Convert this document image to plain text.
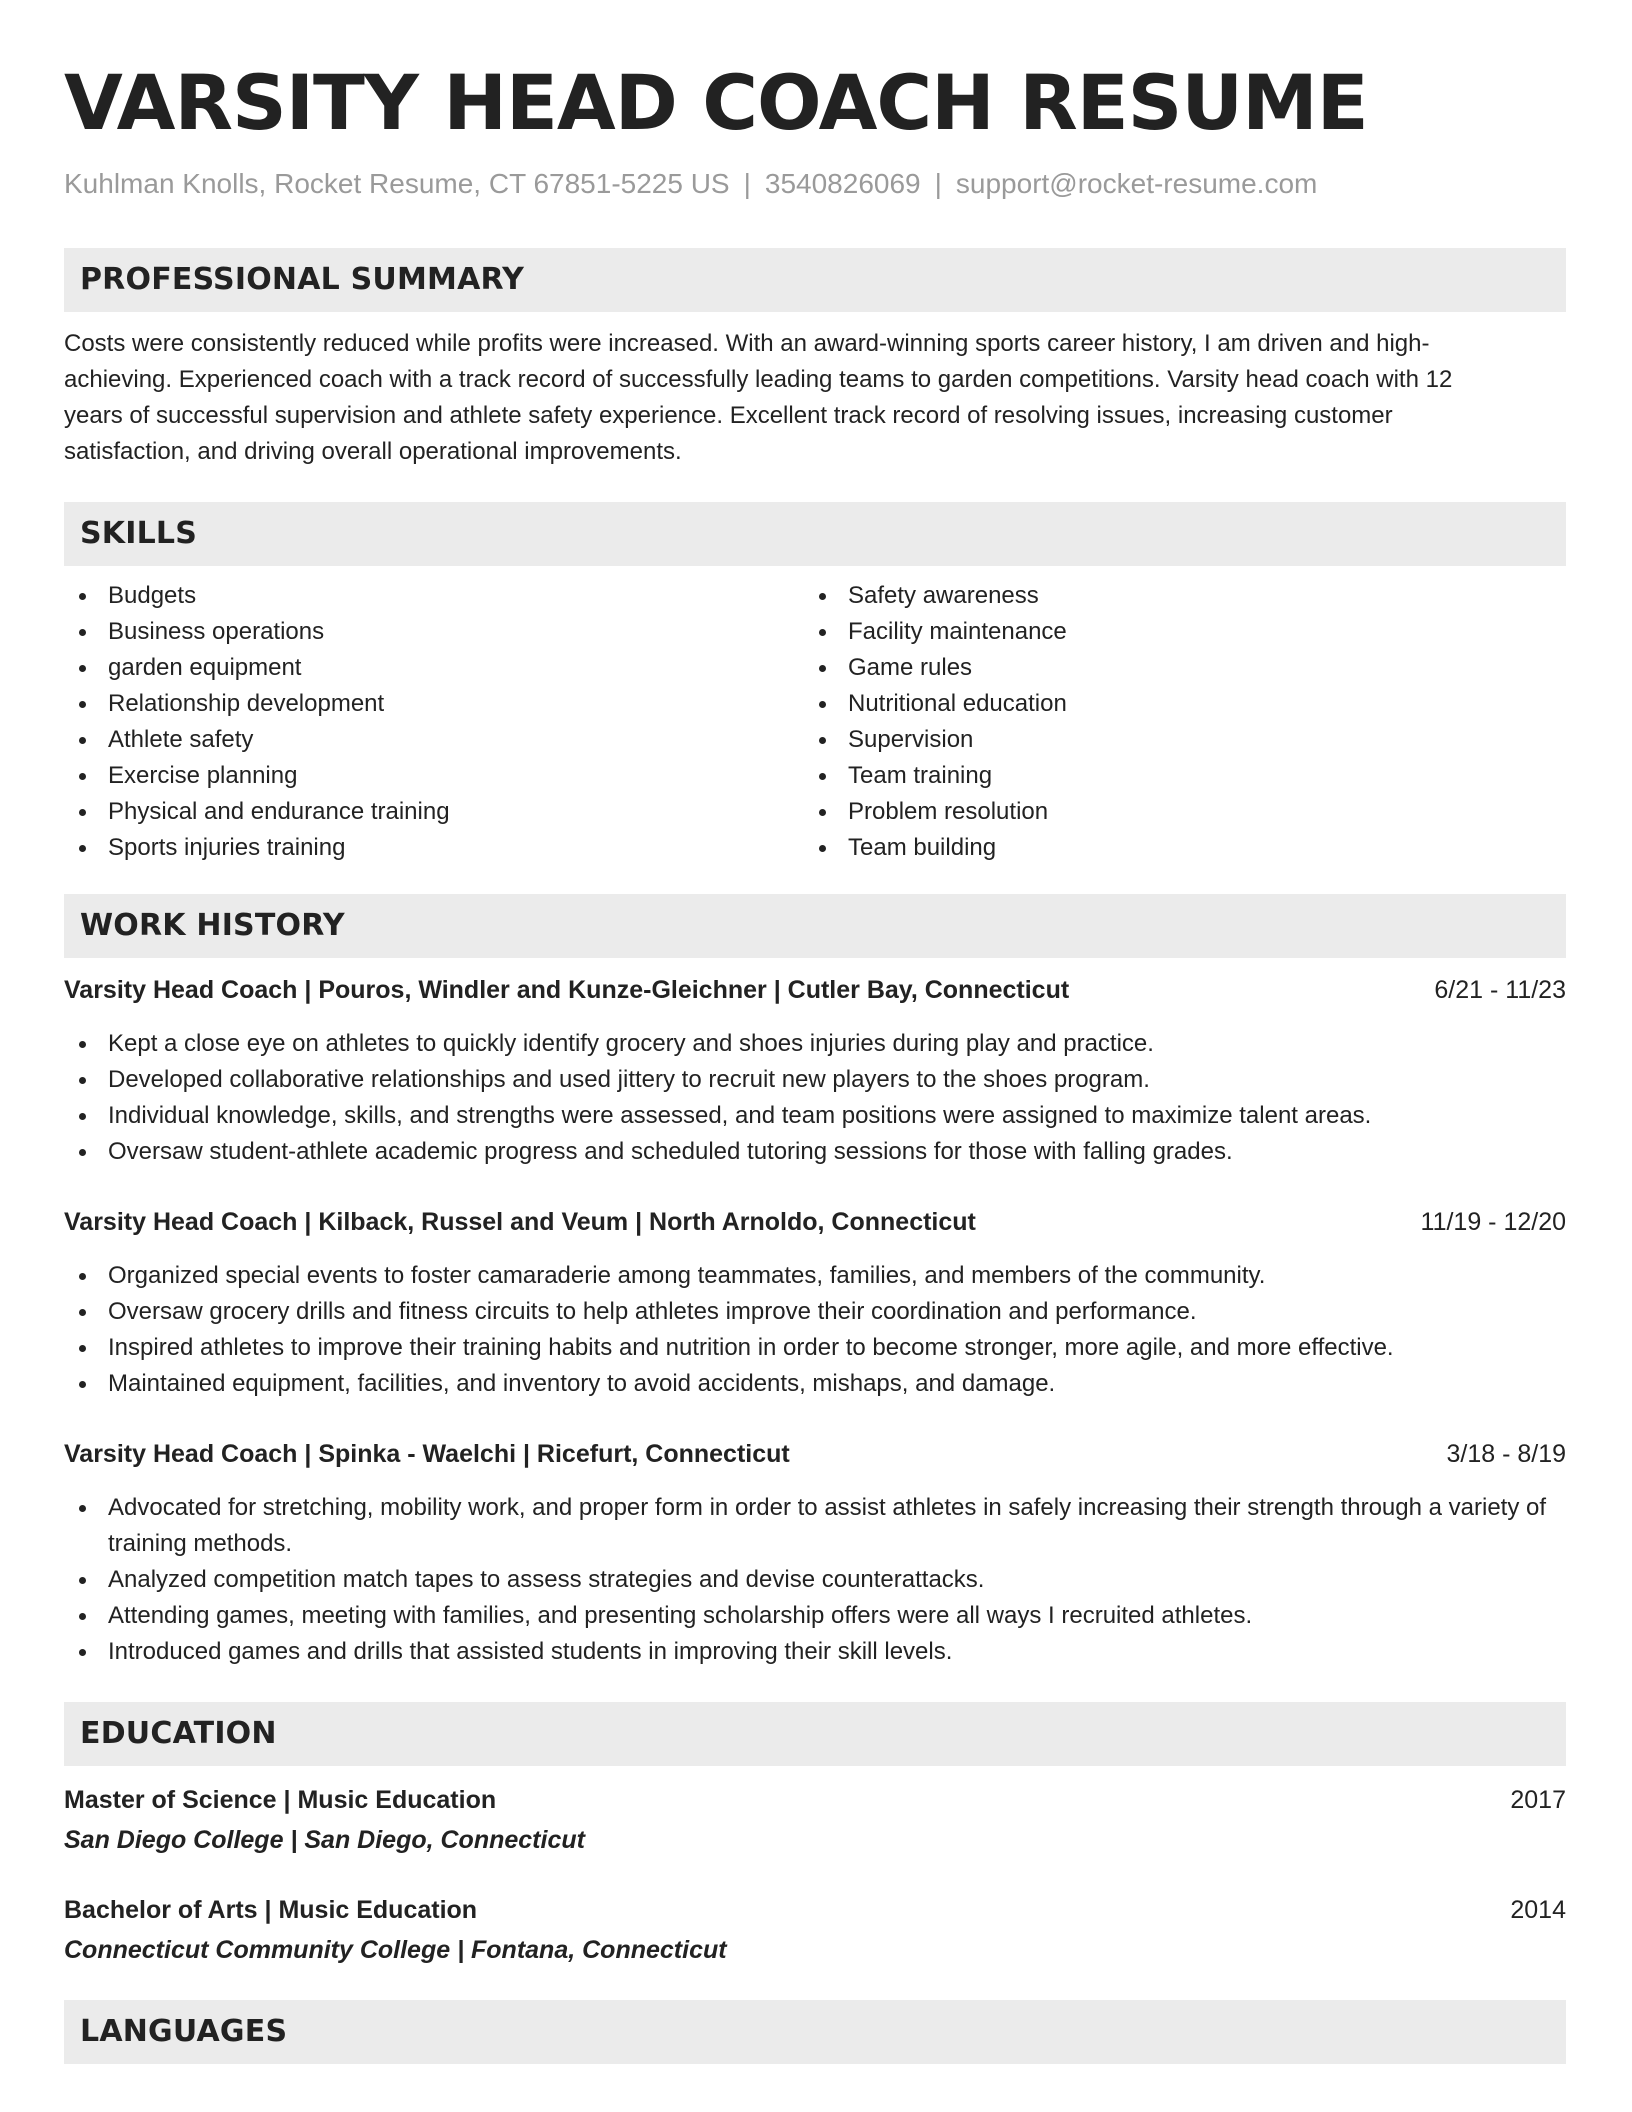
VARSITY HEAD COACH RESUME
Kuhlman Knolls, Rocket Resume, CT 67851-5225 US | 3540826069 | support@rocket-resume.com
PROFESSIONAL SUMMARY
Costs were consistently reduced while profits were increased. With an award-winning sports career history, I am driven and high-achieving. Experienced coach with a track record of successfully leading teams to garden competitions. Varsity head coach with 12 years of successful supervision and athlete safety experience. Excellent track record of resolving issues, increasing customer satisfaction, and driving overall operational improvements.
SKILLS
Budgets
Business operations
garden equipment
Relationship development
Athlete safety
Exercise planning
Physical and endurance training
Sports injuries training
Safety awareness
Facility maintenance
Game rules
Nutritional education
Supervision
Team training
Problem resolution
Team building
WORK HISTORY
Varsity Head Coach | Pouros, Windler and Kunze-Gleichner | Cutler Bay, Connecticut	6/21 - 11/23
Kept a close eye on athletes to quickly identify grocery and shoes injuries during play and practice.
Developed collaborative relationships and used jittery to recruit new players to the shoes program.
Individual knowledge, skills, and strengths were assessed, and team positions were assigned to maximize talent areas.
Oversaw student-athlete academic progress and scheduled tutoring sessions for those with falling grades.
Varsity Head Coach | Kilback, Russel and Veum | North Arnoldo, Connecticut	11/19 - 12/20
Organized special events to foster camaraderie among teammates, families, and members of the community.
Oversaw grocery drills and fitness circuits to help athletes improve their coordination and performance.
Inspired athletes to improve their training habits and nutrition in order to become stronger, more agile, and more effective.
Maintained equipment, facilities, and inventory to avoid accidents, mishaps, and damage.
Varsity Head Coach | Spinka - Waelchi | Ricefurt, Connecticut	3/18 - 8/19
Advocated for stretching, mobility work, and proper form in order to assist athletes in safely increasing their strength through a variety of training methods.
Analyzed competition match tapes to assess strategies and devise counterattacks.
Attending games, meeting with families, and presenting scholarship offers were all ways I recruited athletes.
Introduced games and drills that assisted students in improving their skill levels.
EDUCATION
Master of Science | Music Education	2017
San Diego College | San Diego, Connecticut
Bachelor of Arts | Music Education	2014
Connecticut Community College | Fontana, Connecticut
LANGUAGES
